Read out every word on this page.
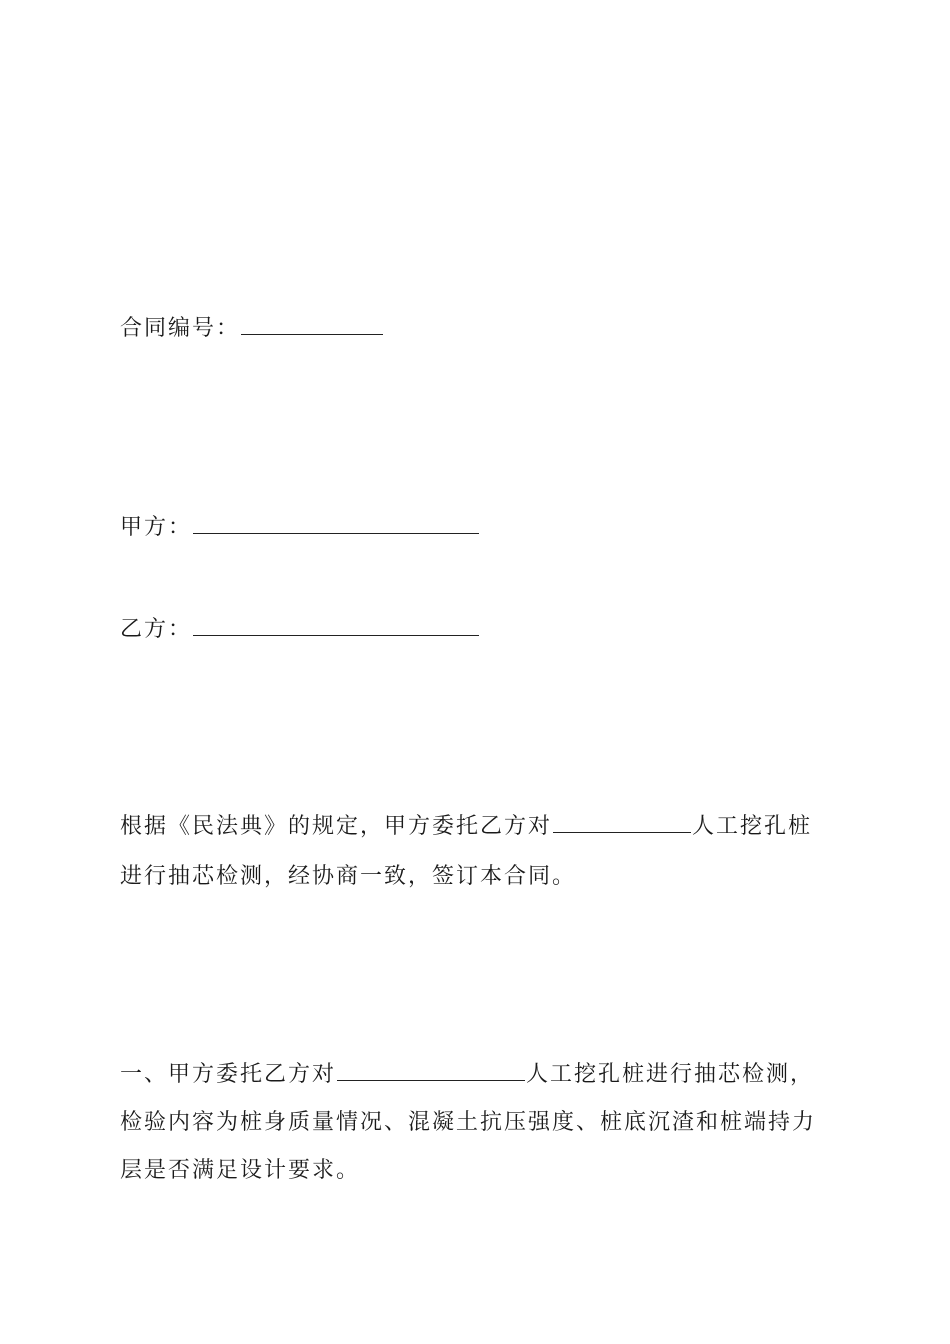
合同编号：
甲方：
乙方：
根据《民法典》的规定，甲方委托乙方对	人工挖孔桩
进行抽芯检测，经协商一致，签订本合同。
一、甲方委托乙方对	人工挖孔桩进行抽芯检测，
检验内容为桩身质量情况、混凝土抗压强度、桩底沉渣和桩端持力
层是否满足设计要求。
